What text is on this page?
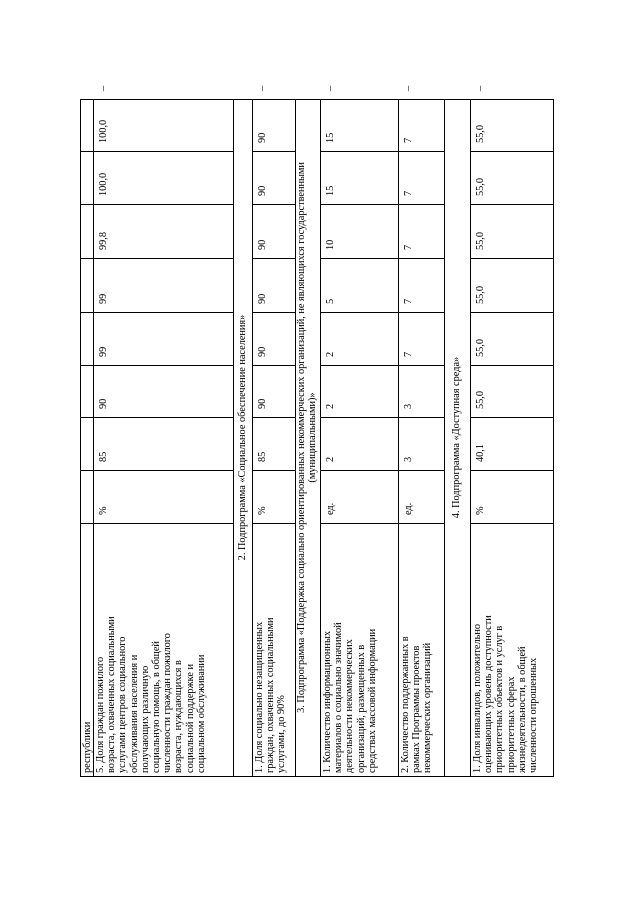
республики 5. Доля граждан пожилого возраста, охваченных социальными услугами центров социального обслуживания населения и получающих различную социальную помощь, в общей численности граждан пожилого возраста, нуждающихся в социальной поддержке и социальном обслуживании
%
85
90
99
99
99,8
100,0
100,0
–
2. Подпрограмма «Социальное обеспечение населения»
1. Доля социально незащищенных граждан, охваченных социальными услугами, до 90%
%
85
90
90
90
90
90
90
–
3. Подпрограмма «Поддержка социально ориентированных некоммерческих организаций, не являющихся государственными (муниципальными)»
1. Количество информационных материалов о социально значимой деятельности некоммерческих организаций, размещенных в средствах массовой информации
ед.
2
2
2
5
10
15
15
–
2. Количество поддержанных в рамках Программы проектов некоммерческих организаций
ед.
3
3
7
7
7
7
7
–
4. Подпрограмма «Доступная среда»
1. Доля инвалидов, положительно оценивающих уровень доступности приоритетных объектов и услуг в приоритетных сферах жизнедеятельности, в общей численности опрошенных
%
40,1
55,0
55,0
55,0
55,0
55,0
55,0
–
